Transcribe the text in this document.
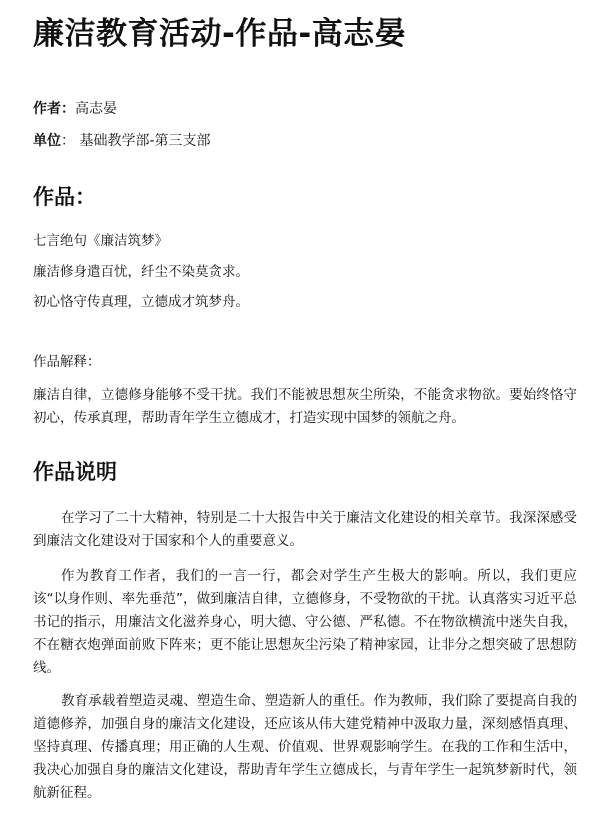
廉洁教育活动-作品-高志晏
作者：高志晏
单位： 基础教学部-第三支部
作品：
七言绝句《廉洁筑梦》
廉洁修身遣百忧，纤尘不染莫贪求。
初心恪守传真理，立德成才筑梦舟。
作品解释：

廉洁自律，立德修身能够不受干扰。我们不能被思想灰尘所染，不能贪求物欲。要始终恪守初心，传承真理，帮助青年学生立德成才，打造实现中国梦的领航之舟。

作品说明

在学习了二十大精神，特别是二十大报告中关于廉洁文化建设的相关章节。我深深感受到廉洁文化建设对于国家和个人的重要意义。

作为教育工作者，我们的一言一行，都会对学生产生极大的影响。所以，我们更应该“以身作则、率先垂范”，做到廉洁自律，立德修身，不受物欲的干扰。认真落实习近平总书记的指示，用廉洁文化滋养身心，明大德、守公德、严私德。不在物欲横流中迷失自我，不在糖衣炮弹面前败下阵来；更不能让思想灰尘污染了精神家园，让非分之想突破了思想防线。

教育承载着塑造灵魂、塑造生命、塑造新人的重任。作为教师，我们除了要提高自我的道德修养，加强自身的廉洁文化建设，还应该从伟大建党精神中汲取力量，深刻感悟真理、坚持真理、传播真理；用正确的人生观、价值观、世界观影响学生。在我的工作和生活中，我决心加强自身的廉洁文化建设，帮助青年学生立德成长，与青年学生一起筑梦新时代，领航新征程。
